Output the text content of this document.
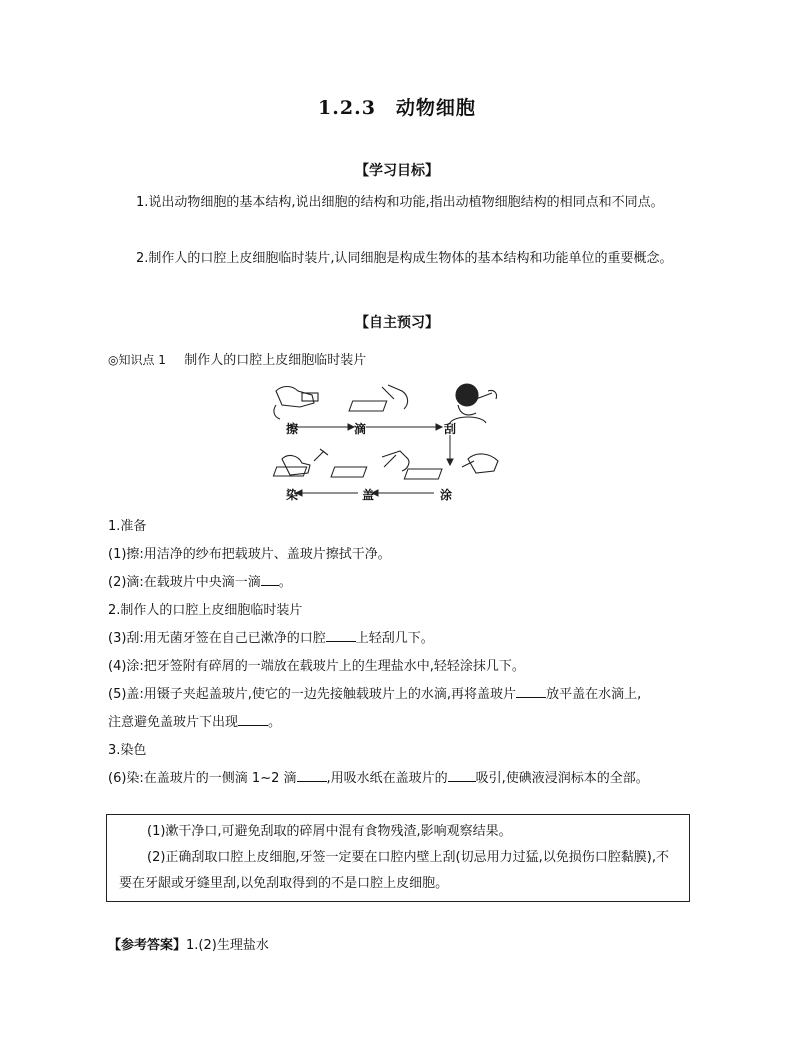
1.2.3　动物细胞
【学习目标】
1.说出动物细胞的基本结构,说出细胞的结构和功能,指出动植物细胞结构的相同点和不同点。
2.制作人的口腔上皮细胞临时装片,认同细胞是构成生物体的基本结构和功能单位的重要概念。
【自主预习】
◎知识点 1 制作人的口腔上皮细胞临时装片
擦	滴	刮
涂
盖
染
1.准备
(1)擦:用洁净的纱布把载玻片、盖玻片擦拭干净。
(2)滴:在载玻片中央滴一滴 。
2.制作人的口腔上皮细胞临时装片
(3)刮:用无菌牙签在自己已漱净的口腔 上轻刮几下。
(4)涂:把牙签附有碎屑的一端放在载玻片上的生理盐水中,轻轻涂抹几下。
(5)盖:用镊子夹起盖玻片,使它的一边先接触载玻片上的水滴,再将盖玻片 放平盖在水滴上,
注意避免盖玻片下出现 。
3.染色
(6)染:在盖玻片的一侧滴 1~2 滴 ,用吸水纸在盖玻片的 吸引,使碘液浸润标本的全部。

(1)漱干净口,可避免刮取的碎屑中混有食物残渣,影响观察结果。

(2)正确刮取口腔上皮细胞,牙签一定要在口腔内壁上刮(切忌用力过猛,以免损伤口腔黏膜),不要在牙龈或牙缝里刮,以免刮取得到的不是口腔上皮细胞。

【参考答案】1.(2)生理盐水
